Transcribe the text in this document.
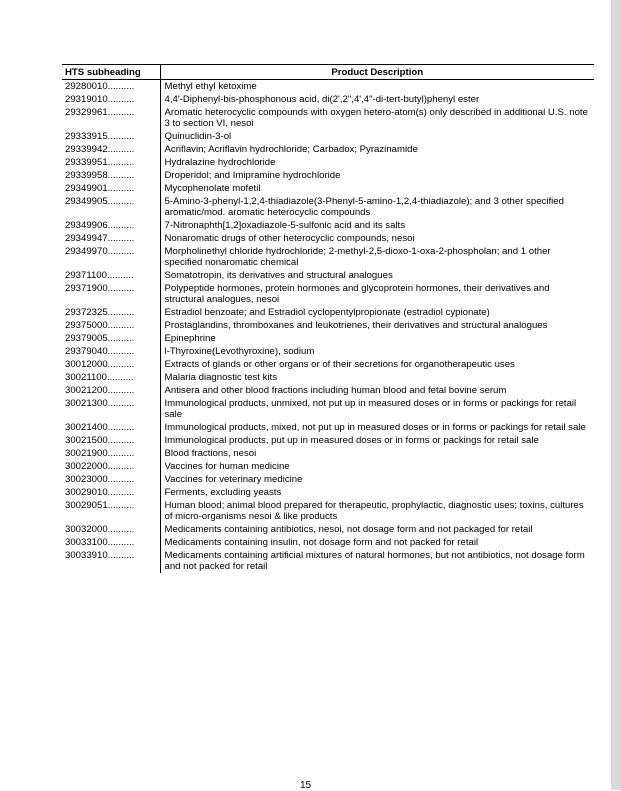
HTS subheading	Product Description
29280010..........	Methyl ethyl ketoxime
29319010..........	4,4'-Diphenyl-bis-phosphonous acid, di(2',2",4',4"-di-tert-butyl)phenyl ester
29329961..........	Aromatic heterocyclic compounds with oxygen hetero-atom(s) only described in additional U.S. note 3 to section VI, nesoi
29333915..........	Quinuclidin-3-ol
29339942..........	Acriflavin; Acriflavin hydrochloride; Carbadox; Pyrazinamide
29339951..........	Hydralazine hydrochloride
29339958..........	Droperidol; and Imipramine hydrochloride
29349901..........	Mycophenolate mofetil
29349905..........	5-Amino-3-phenyl-1,2,4-thiadiazole(3-Phenyl-5-amino-1,2,4-thiadiazole); and 3 other specified aromatic/mod. aromatic heterocyclic compounds
29349906..........	7-Nitronaphth[1,2]oxadiazole-5-sulfonic acid and its salts
29349947..........	Nonaromatic drugs of other heterocyclic compounds, nesoi
29349970..........	Morpholinethyl chloride hydrochloride; 2-methyl-2,5-dioxo-1-oxa-2-phospholan; and 1 other specified nonaromatic chemical
29371100..........	Somatotropin, its derivatives and structural analogues
29371900..........	Polypeptide hormones, protein hormones and glycoprotein hormones, their derivatives and structural analogues, nesoi
29372325..........	Estradiol benzoate; and Estradiol cyclopentylpropionate (estradiol cypionate)
29375000..........	Prostaglandins, thromboxanes and leukotrienes, their derivatives and structural analogues
29379005..........	Epinephrine
29379040..........	l-Thyroxine(Levothyroxine), sodium
30012000..........	Extracts of glands or other organs or of their secretions for organotherapeutic uses
30021100..........	Malaria diagnostic test kits
30021200..........	Antisera and other blood fractions including human blood and fetal bovine serum
30021300..........	Immunological products, unmixed, not put up in measured doses or in forms or packings for retail sale
30021400..........	Immunological products, mixed, not put up in measured doses or in forms or packings for retail sale
30021500..........	Immunological products, put up in measured doses or in forms or packings for retail sale
30021900..........	Blood fractions, nesoi
30022000..........	Vaccines for human medicine
30023000..........	Vaccines for veterinary medicine
30029010..........	Ferments, excluding yeasts
30029051..........	Human blood; animal blood prepared for therapeutic, prophylactic, diagnostic uses; toxins, cultures of micro-organisms nesoi & like products
30032000..........	Medicaments containing antibiotics, nesoi, not dosage form and not packaged for retail
30033100..........	Medicaments containing insulin, not dosage form and not packed for retail
30033910..........	Medicaments containing artificial mixtures of natural hormones, but not antibiotics, not dosage form and not packed for retail
15
